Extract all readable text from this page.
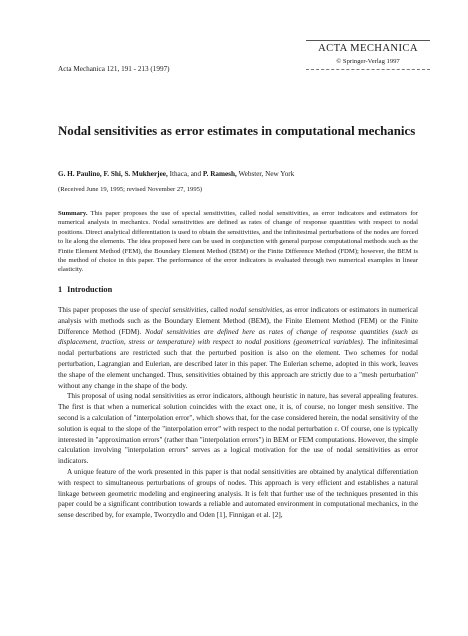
Acta Mechanica 121, 191 - 213 (1997)
ACTA MECHANICA
© Springer-Verlag 1997
Nodal sensitivities as error estimates in computational mechanics
G. H. Paulino, F. Shi, S. Mukherjee, Ithaca, and P. Ramesh, Webster, New York
(Received June 19, 1995; revised November 27, 1995)
Summary. This paper proposes the use of special sensitivities, called nodal sensitivities, as error indicators and estimators for numerical analysis in mechanics. Nodal sensitivities are defined as rates of change of response quantities with respect to nodal positions. Direct analytical differentiation is used to obtain the sensitivities, and the infinitesimal perturbations of the nodes are forced to lie along the elements. The idea proposed here can be used in conjunction with general purpose computational methods such as the Finite Element Method (FEM), the Boundary Element Method (BEM) or the Finite Difference Method (FDM); however, the BEM is the method of choice in this paper. The performance of the error indicators is evaluated through two numerical examples in linear elasticity.
1 Introduction

This paper proposes the use of special sensitivities, called nodal sensitivities, as error indicators or estimators in numerical analysis with methods such as the Boundary Element Method (BEM), the Finite Element Method (FEM) or the Finite Difference Method (FDM). Nodal sensitivities are defined here as rates of change of response quantities (such as displacement, traction, stress or temperature) with respect to nodal positions (geometrical variables). The infinitesimal nodal perturbations are restricted such that the perturbed position is also on the element. Two schemes for nodal perturbation, Lagrangian and Eulerian, are described later in this paper. The Eulerian scheme, adopted in this work, leaves the shape of the element unchanged. Thus, sensitivities obtained by this approach are strictly due to a "mesh perturbation" without any change in the shape of the body.

This proposal of using nodal sensitivities as error indicators, although heuristic in nature, has several appealing features. The first is that when a numerical solution coincides with the exact one, it is, of course, no longer mesh sensitive. The second is a calculation of "interpolation error", which shows that, for the case considered herein, the nodal sensitivity of the solution is equal to the slope of the "interpolation error" with respect to the nodal perturbation ε. Of course, one is typically interested in "approximation errors" (rather than "interpolation errors") in BEM or FEM computations. However, the simple calculation involving "interpolation errors" serves as a logical motivation for the use of nodal sensitivities as error indicators.

A unique feature of the work presented in this paper is that nodal sensitivities are obtained by analytical differentiation with respect to simultaneous perturbations of groups of nodes. This approach is very efficient and establishes a natural linkage between geometric modeling and engineering analysis. It is felt that further use of the techniques presented in this paper could be a significant contribution towards a reliable and automated environment in computational mechanics, in the sense described by, for example, Tworzydlo and Oden [1], Finnigan et al. [2],
